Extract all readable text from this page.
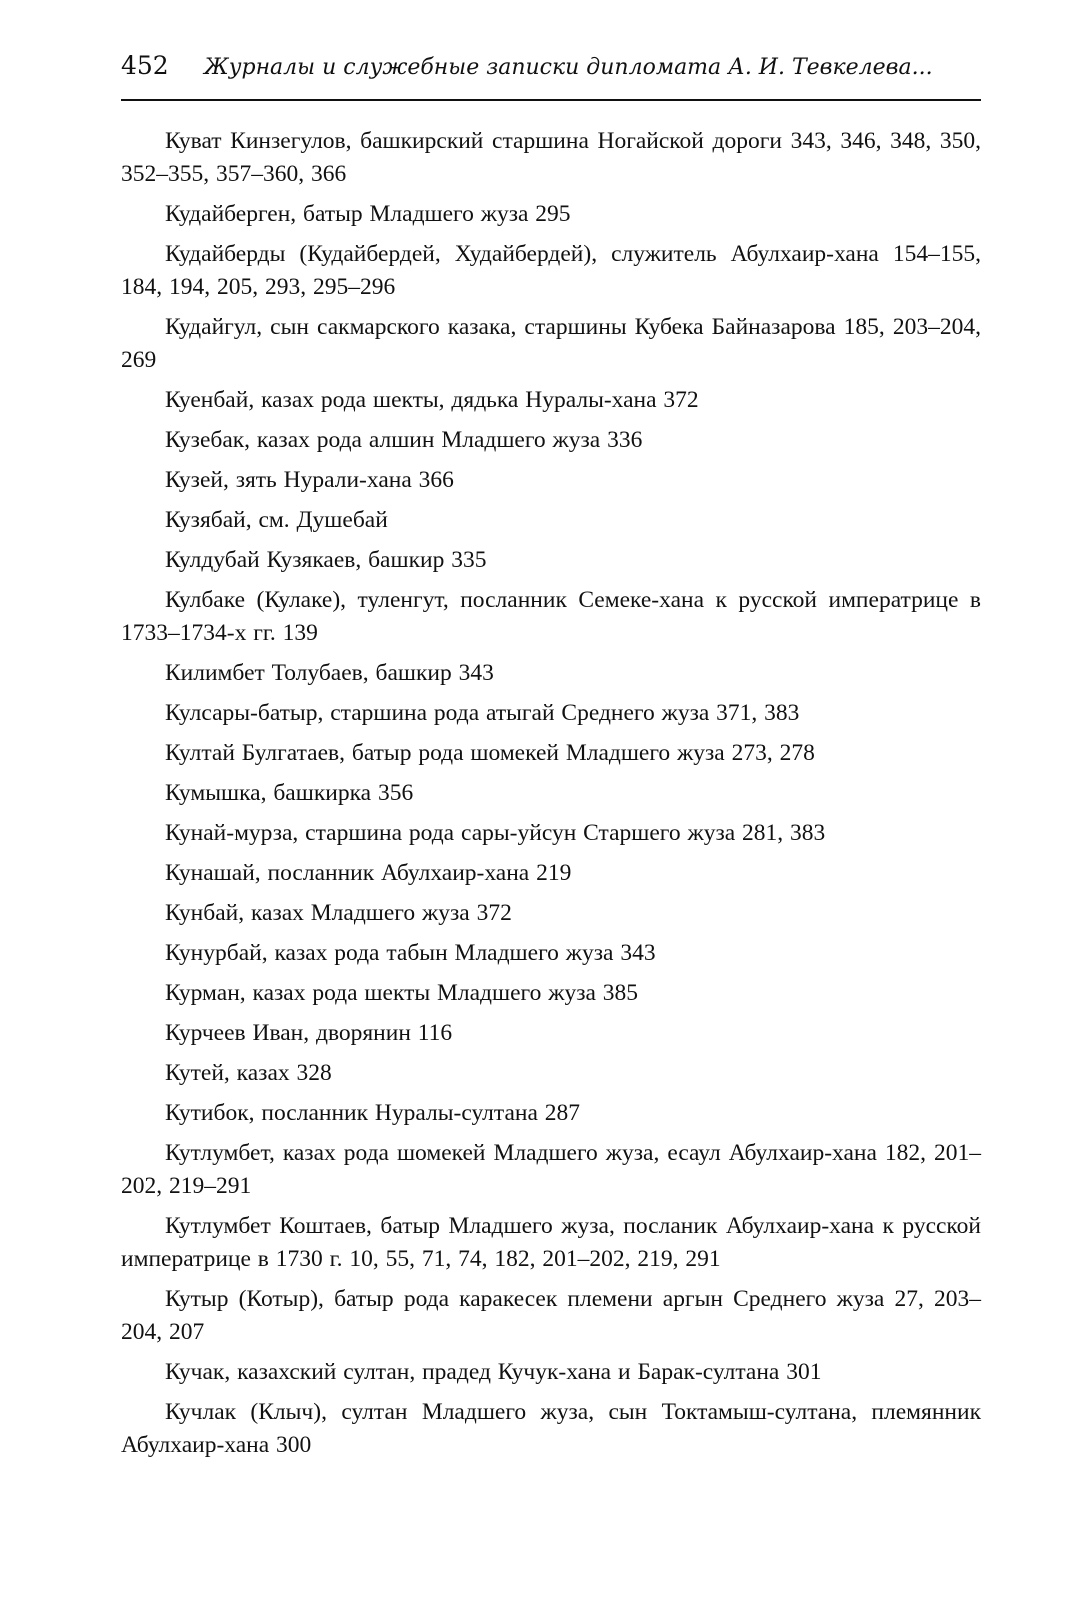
452 Журналы и служебные записки дипломата А. И. Тевкелева...
Куват Кинзегулов, башкирский старшина Ногайской дороги 343, 346, 348, 350, 352–355, 357–360, 366
Кудайберген, батыр Младшего жуза 295
Кудайберды (Кудайбердей, Худайбердей), служитель Абулхаир-хана 154–155, 184, 194, 205, 293, 295–296
Кудайгул, сын сакмарского казака, старшины Кубека Байназарова 185, 203–204, 269
Куенбай, казах рода шекты, дядька Нуралы-хана 372
Кузебак, казах рода алшин Младшего жуза 336
Кузей, зять Нурали-хана 366
Кузябай, см. Душебай
Кулдубай Кузякаев, башкир 335
Кулбаке (Кулаке), туленгут, посланник Семеке-хана к русской императрице в 1733–1734-х гг. 139
Килимбет Толубаев, башкир 343
Кулсары-батыр, старшина рода атыгай Среднего жуза 371, 383
Култай Булгатаев, батыр рода шомекей Младшего жуза 273, 278
Кумышка, башкирка 356
Кунай-мурза, старшина рода сары-уйсун Старшего жуза 281, 383
Кунашай, посланник Абулхаир-хана 219
Кунбай, казах Младшего жуза 372
Кунурбай, казах рода табын Младшего жуза 343
Курман, казах рода шекты Младшего жуза 385
Курчеев Иван, дворянин 116
Кутей, казах 328
Кутибок, посланник Нуралы-султана 287
Кутлумбет, казах рода шомекей Младшего жуза, есаул Абулхаир-хана 182, 201–202, 219–291
Кутлумбет Коштаев, батыр Младшего жуза, посланик Абулхаир-хана к русской императрице в 1730 г. 10, 55, 71, 74, 182, 201–202, 219, 291
Кутыр (Котыр), батыр рода каракесек племени аргын Среднего жуза 27, 203–204, 207
Кучак, казахский султан, прадед Кучук-хана и Барак-султана 301
Кучлак (Клыч), султан Младшего жуза, сын Токтамыш-султана, племянник Абулхаир-хана 300
